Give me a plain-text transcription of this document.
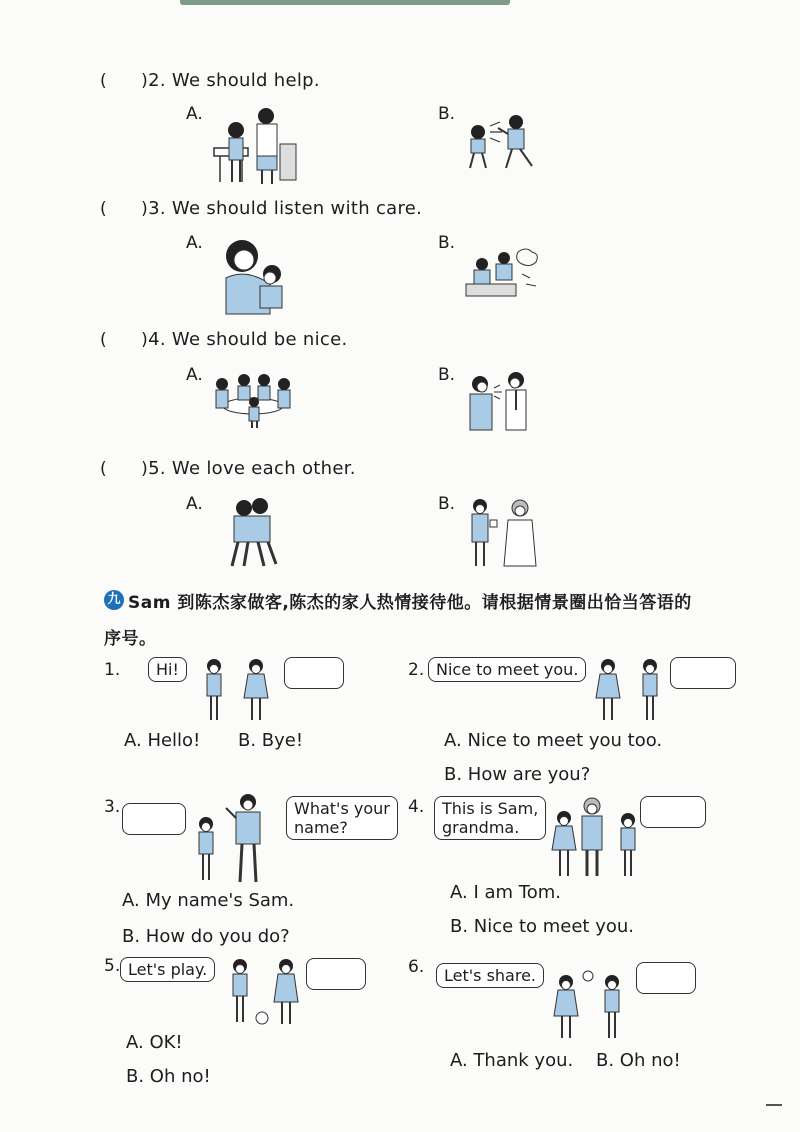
(      )2. We should help.
A.	B.
(      )3. We should listen with care.
A.	B.
(      )4. We should be nice.
A.	B.
(      )5. We love each other.
A.	B.
九 Sam 到陈杰家做客,陈杰的家人热情接待他。请根据情景圈出恰当答语的
序号。
1.	Hi!
A. Hello! B. Bye!
2. Nice to meet you.
A. Nice to meet you too.
B. How are you?
3.	What's your
name?
A. My name's Sam.
B. How do you do?
4. This is Sam,
grandma.
A. I am Tom.
B. Nice to meet you.
5. Let's play.
A. OK!
B. Oh no!
6.	Let's share.
A. Thank you. B. Oh no!
